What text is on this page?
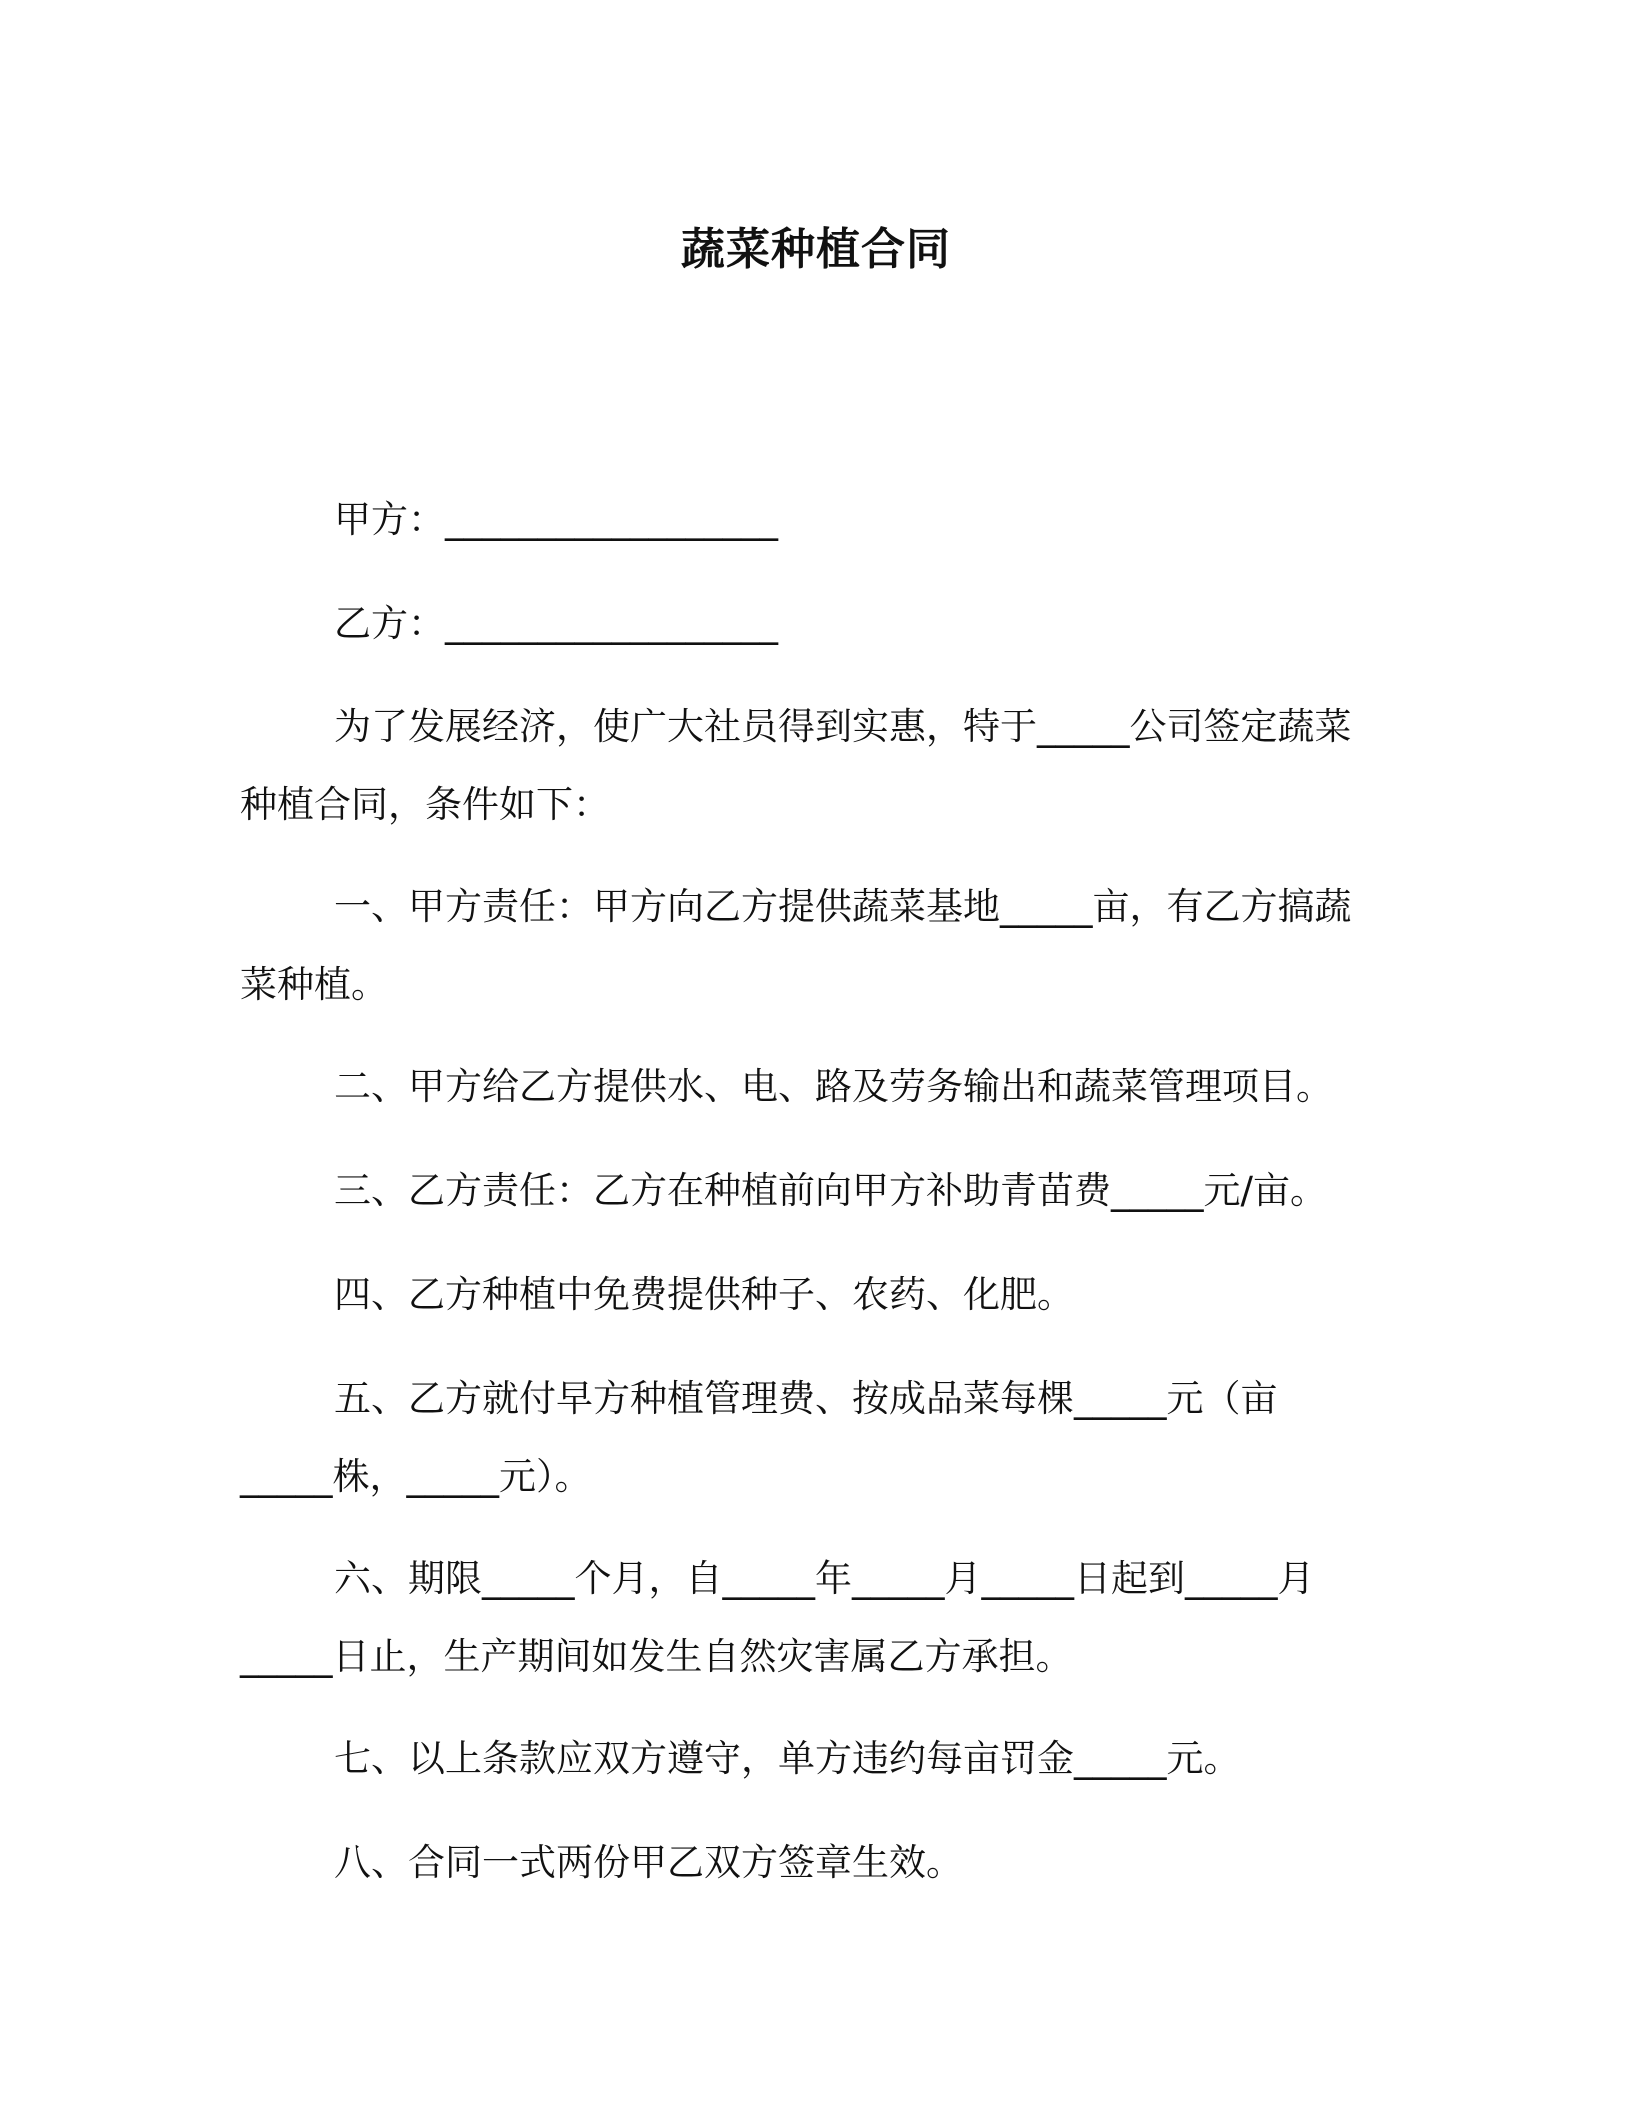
蔬菜种植合同
甲方：__________________
乙方：__________________
为了发展经济，使广大社员得到实惠，特于_____公司签定蔬菜
种植合同，条件如下：
一、甲方责任：甲方向乙方提供蔬菜基地_____亩，有乙方搞蔬
菜种植。
二、甲方给乙方提供水、电、路及劳务输出和蔬菜管理项目。
三、乙方责任：乙方在种植前向甲方补助青苗费_____元/亩。
四、乙方种植中免费提供种子、农药、化肥。
五、乙方就付早方种植管理费、按成品菜每棵_____元（亩
_____株，_____元）。
六、期限_____个月，自_____年_____月_____日起到_____月
_____日止，生产期间如发生自然灾害属乙方承担。
七、以上条款应双方遵守，单方违约每亩罚金_____元。
八、合同一式两份甲乙双方签章生效。
